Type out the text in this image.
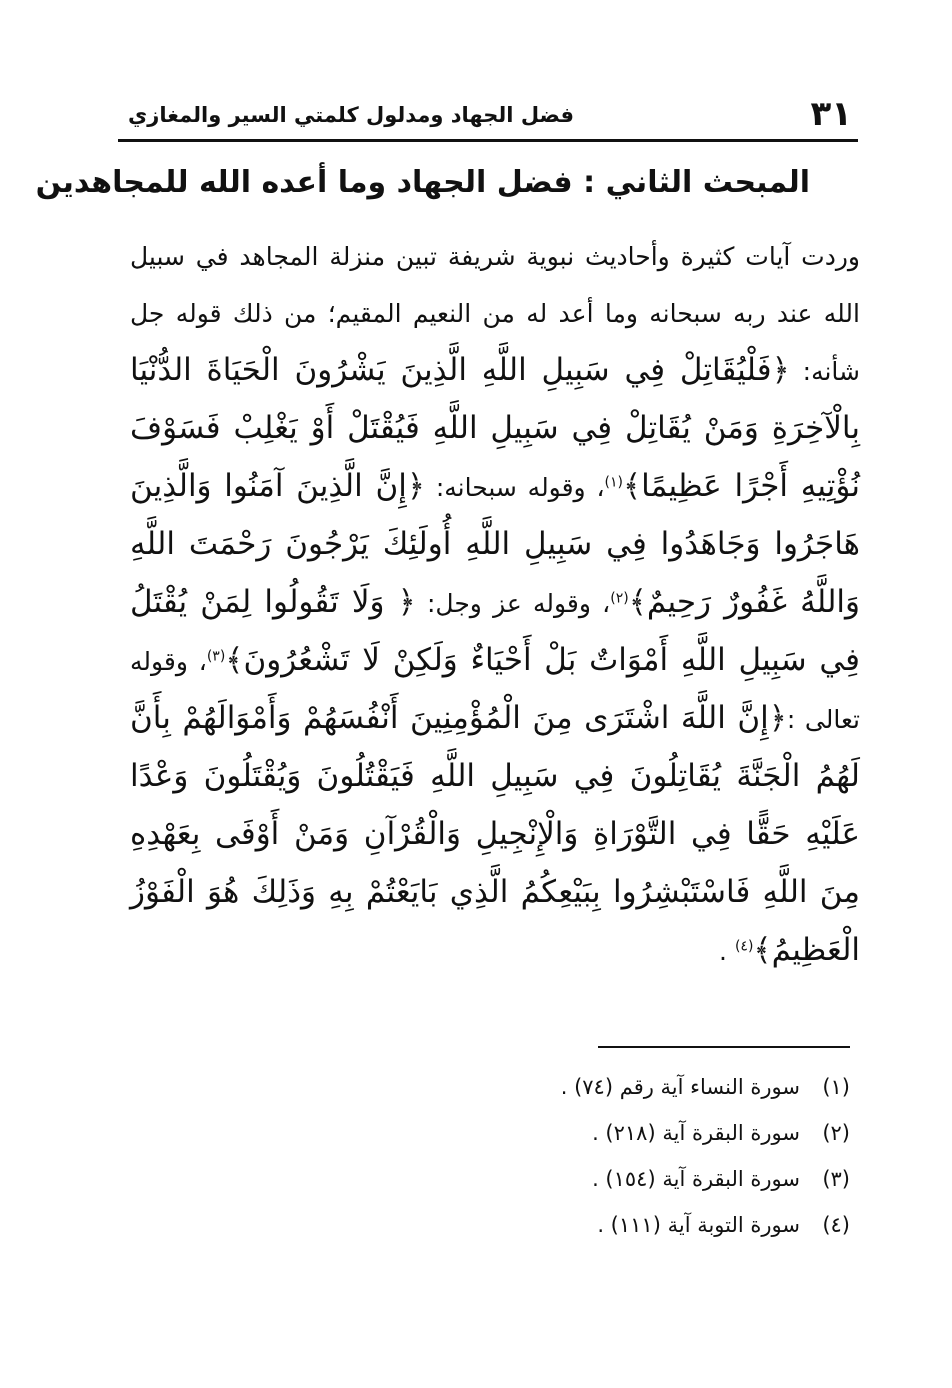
٣١
فضل الجهاد ومدلول كلمتي السير والمغازي
المبحث الثاني : فضل الجهاد وما أعده الله للمجاهدين

وردت آيات كثيرة وأحاديث نبوية شريفة تبين منزلة المجاهد في سبيل الله عند ربه سبحانه وما أعد له من النعيم المقيم؛ من ذلك قوله جل شأنه: ﴿فَلْيُقَاتِلْ فِي سَبِيلِ اللَّهِ الَّذِينَ يَشْرُونَ الْحَيَاةَ الدُّنْيَا بِالْآخِرَةِ وَمَنْ يُقَاتِلْ فِي سَبِيلِ اللَّهِ فَيُقْتَلْ أَوْ يَغْلِبْ فَسَوْفَ نُؤْتِيهِ أَجْرًا عَظِيمًا﴾$^{(١)}$، وقوله سبحانه: ﴿إِنَّ الَّذِينَ آمَنُوا وَالَّذِينَ هَاجَرُوا وَجَاهَدُوا فِي سَبِيلِ اللَّهِ أُولَئِكَ يَرْجُونَ رَحْمَتَ اللَّهِ وَاللَّهُ غَفُورٌ رَحِيمٌ﴾$^{(٢)}$، وقوله عز وجل: ﴿ وَلَا تَقُولُوا لِمَنْ يُقْتَلُ فِي سَبِيلِ اللَّهِ أَمْوَاتٌ بَلْ أَحْيَاءٌ وَلَكِنْ لَا تَشْعُرُونَ﴾$^{(٣)}$، وقوله تعالى :﴿إِنَّ اللَّهَ اشْتَرَى مِنَ الْمُؤْمِنِينَ أَنْفُسَهُمْ وَأَمْوَالَهُمْ بِأَنَّ لَهُمُ الْجَنَّةَ يُقَاتِلُونَ فِي سَبِيلِ اللَّهِ فَيَقْتُلُونَ وَيُقْتَلُونَ وَعْدًا عَلَيْهِ حَقًّا فِي التَّوْرَاةِ وَالْإِنْجِيلِ وَالْقُرْآنِ وَمَنْ أَوْفَى بِعَهْدِهِ مِنَ اللَّهِ فَاسْتَبْشِرُوا بِبَيْعِكُمُ الَّذِي بَايَعْتُمْ بِهِ وَذَلِكَ هُوَ الْفَوْزُ الْعَظِيمُ﴾$^{(٤)}$ .

(١)سورة النساء آية رقم (٧٤) .
(٢)سورة البقرة آية (٢١٨) .
(٣)سورة البقرة آية (١٥٤) .
(٤)سورة التوبة آية (١١١) .
